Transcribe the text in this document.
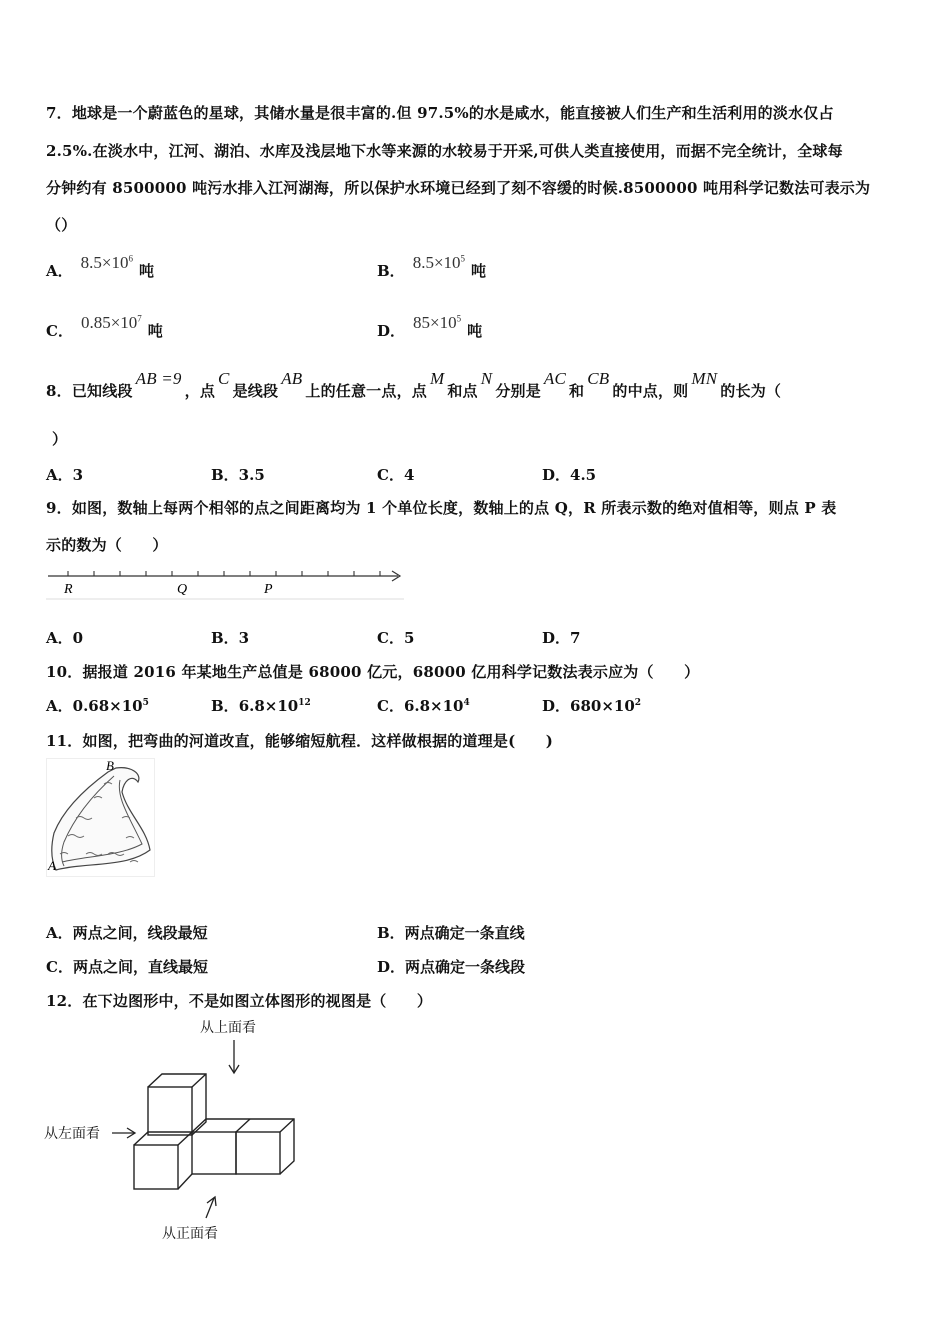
7．地球是一个蔚蓝色的星球，其储水量是很丰富的.但 97.5%的水是咸水，能直接被人们生产和生活利用的淡水仅占
2.5%.在淡水中，江河、湖泊、水库及浅层地下水等来源的水较易于开采,可供人类直接使用，而据不完全统计，全球每
分钟约有 8500000 吨污水排入江河湖海，所以保护水环境已经到了刻不容缓的时候.8500000 吨用科学记数法可表示为
（）
A． $8.5\times 10^6$吨	B． $8.5\times 10^5$吨
C． $0.85\times 10^7$吨	D． $85\times 10^5$吨
8．已知线段AB =9，点C是线段AB上的任意一点，点M和点N分别是AC和CB的中点，则MN的长为（
）
A．3	B．3.5	C．4	D．4.5
9．如图，数轴上每两个相邻的点之间距离均为 1 个单位长度，数轴上的点 Q，R 所表示数的绝对值相等，则点 P 表
示的数为（　　）
R	Q	P
A．0	B．3	C．5	D．7
10．据报道 2016 年某地生产总值是 68000 亿元，68000 亿用科学记数法表示应为（　　）
A．$0.68\times 10^5$	B．$6.8\times 10^{12}$	C．$6.8\times 10^4$	D．$680\times 10^2$
11．如图，把弯曲的河道改直，能够缩短航程．这样做根据的道理是(　　)
B
A
A．两点之间，线段最短	B．两点确定一条直线
C．两点之间，直线最短	D．两点确定一条线段
12．在下边图形中，不是如图立体图形的视图是（　　）
从上面看
从左面看
从正面看
